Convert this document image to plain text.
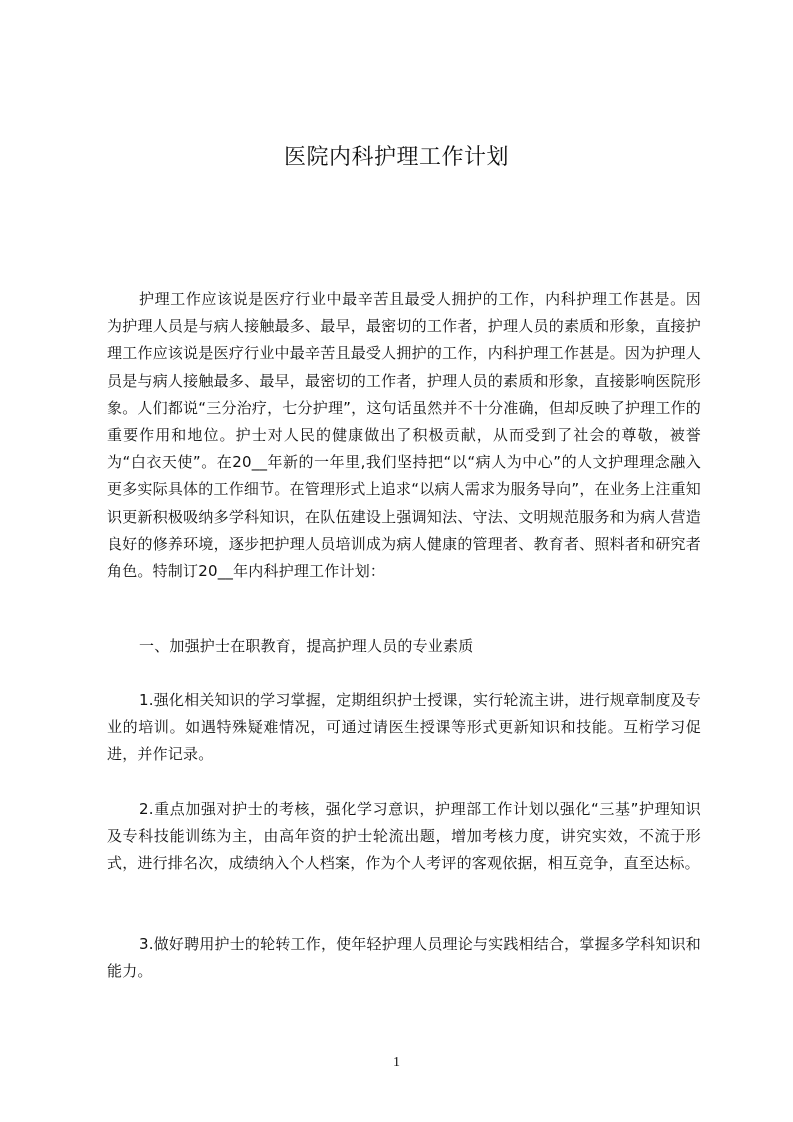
医院内科护理工作计划

护理工作应该说是医疗行业中最辛苦且最受人拥护的工作，内科护理工作甚是。因为护理人员是与病人接触最多、最早，最密切的工作者，护理人员的素质和形象，直接护理工作应该说是医疗行业中最辛苦且最受人拥护的工作，内科护理工作甚是。因为护理人员是与病人接触最多、最早，最密切的工作者，护理人员的素质和形象，直接影响医院形象。人们都说“三分治疗，七分护理”，这句话虽然并不十分准确，但却反映了护理工作的重要作用和地位。护士对人民的健康做出了积极贡献，从而受到了社会的尊敬，被誉为“白衣天使”。在20__年新的一年里,我们坚持把“以“病人为中心”的人文护理理念融入更多实际具体的工作细节。在管理形式上追求“以病人需求为服务导向”，在业务上注重知识更新积极吸纳多学科知识，在队伍建设上强调知法、守法、文明规范服务和为病人营造良好的修养环境，逐步把护理人员培训成为病人健康的管理者、教育者、照料者和研究者角色。特制订20__年内科护理工作计划：

一、加强护士在职教育，提高护理人员的专业素质

1.强化相关知识的学习掌握，定期组织护士授课，实行轮流主讲，进行规章制度及专业的培训。如遇特殊疑难情况，可通过请医生授课等形式更新知识和技能。互桁学习促进，并作记录。

2.重点加强对护士的考核，强化学习意识，护理部工作计划以强化“三基”护理知识及专科技能训练为主，由高年资的护士轮流出题，增加考核力度，讲究实效，不流于形式，进行排名次，成绩纳入个人档案，作为个人考评的客观依据，相互竞争，直至达标。

3.做好聘用护士的轮转工作，使年轻护理人员理论与实践相结合，掌握多学科知识和能力。

1
